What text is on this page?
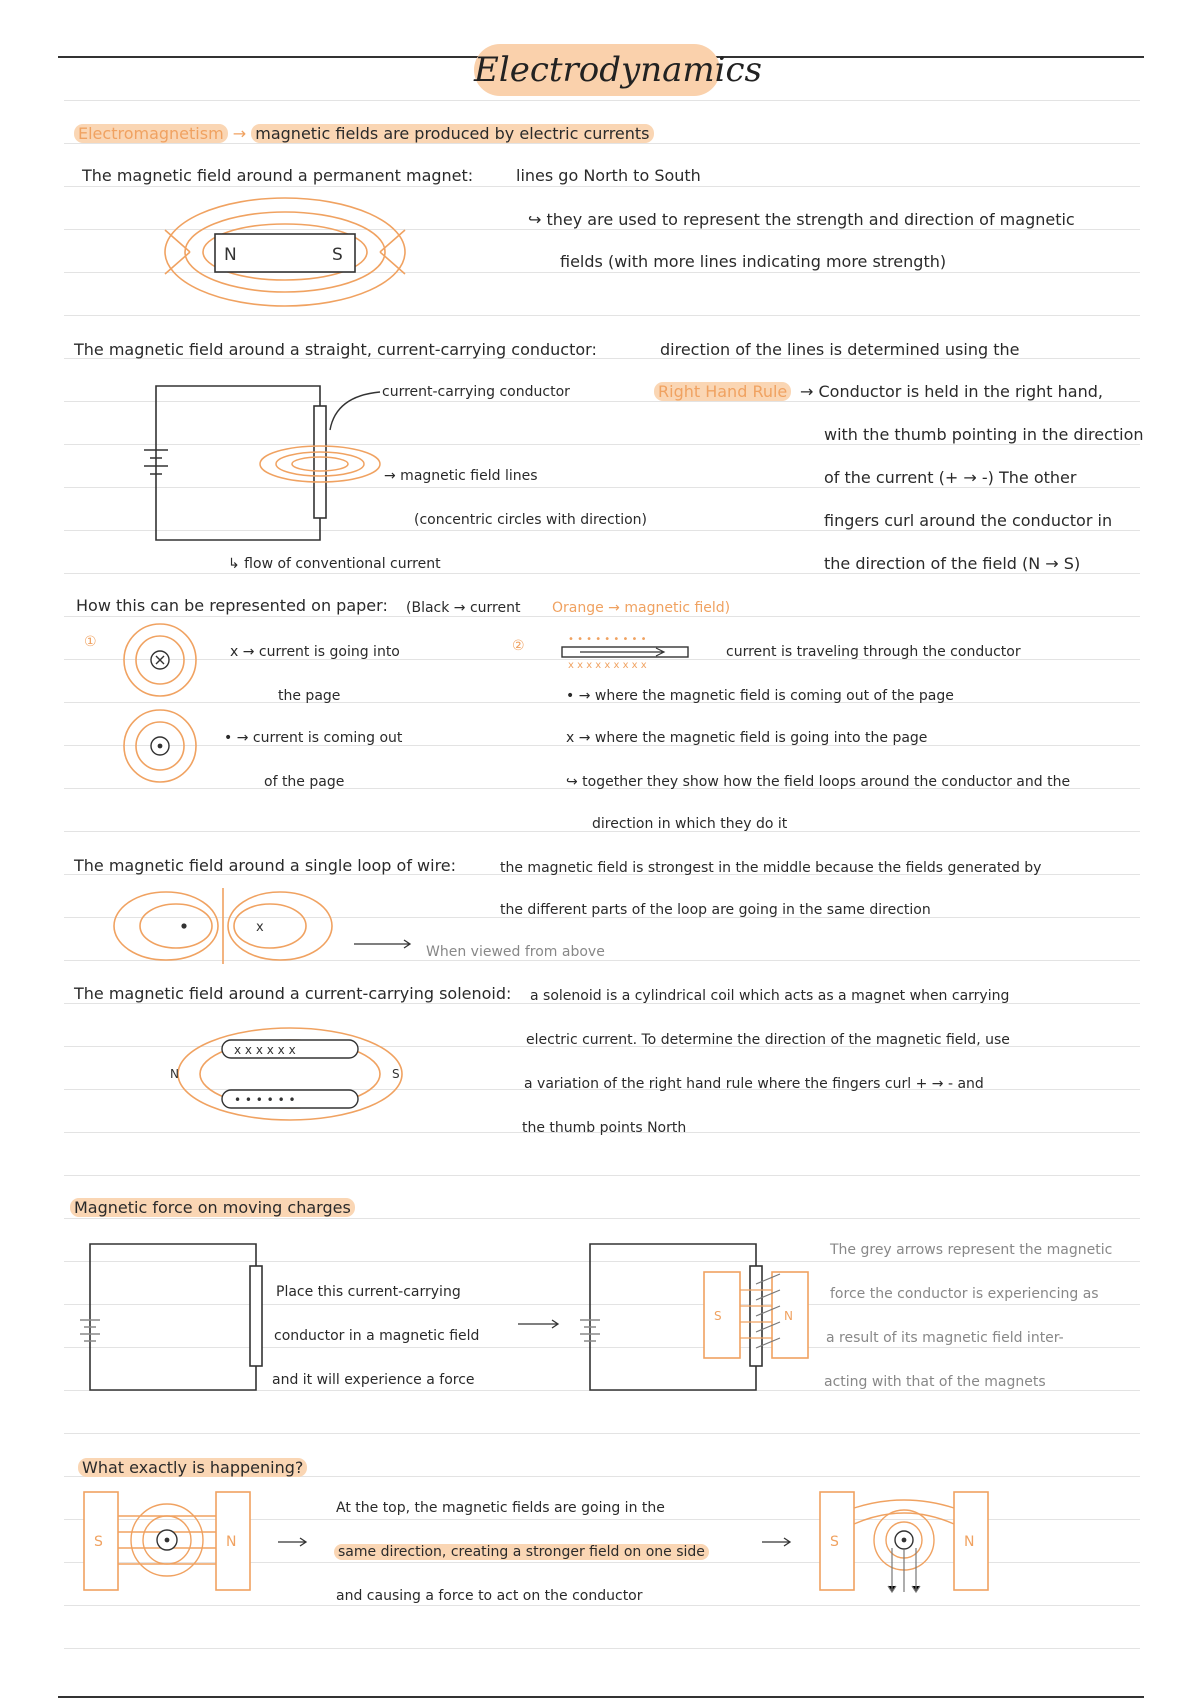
Electrodynamics
Electromagnetism → magnetic fields are produced by electric currents
The magnetic field around a permanent magnet:	lines go North to South
↪ they are used to represent the strength and direction of magnetic
fields (with more lines indicating more strength)
N	S
The magnetic field around a straight, current-carrying conductor:	direction of the lines is determined using the
current-carrying conductor
→ magnetic field lines
(concentric circles with direction)
↳ flow of conventional current
Right Hand Rule → Conductor is held in the right hand,
with the thumb pointing in the direction
of the current (+ → -) The other
fingers curl around the conductor in
the direction of the field (N → S)
How this can be represented on paper: (Black → current Orange → magnetic field)
①	②
x → current is going into
the page
• → current is coming out
of the page
• • • • • • • • •
x x x x x x x x x
current is traveling through the conductor
• → where the magnetic field is coming out of the page
x → where the magnetic field is going into the page
↪ together they show how the field loops around the conductor and the
direction in which they do it
The magnetic field around a single loop of wire:	the magnetic field is strongest in the middle because the fields generated by
the different parts of the loop are going in the same direction
x
When viewed from above
The magnetic field around a current-carrying solenoid: a solenoid is a cylindrical coil which acts as a magnet when carrying
electric current. To determine the direction of the magnetic field, use
a variation of the right hand rule where the fingers curl + → - and
the thumb points North
x x x x x x
• • • • • •
N	S
Magnetic force on moving charges
Place this current-carrying
conductor in a magnetic field
and it will experience a force
S	N
The grey arrows represent the magnetic
force the conductor is experiencing as
a result of its magnetic field inter-
acting with that of the magnets
What exactly is happening?
S	N
At the top, the magnetic fields are going in the
same direction, creating a stronger field on one side
and causing a force to act on the conductor
S	N
